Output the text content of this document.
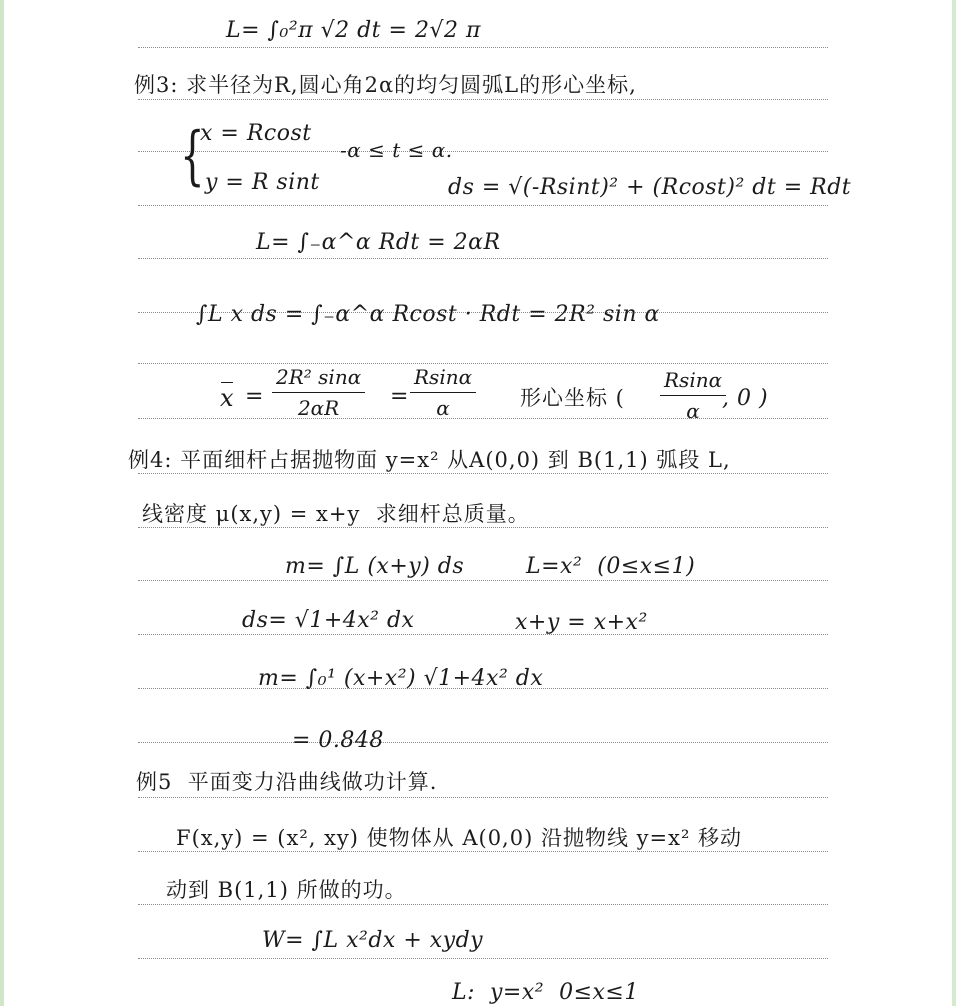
L= ∫₀²ᴨ √2 dt = 2√2 π
例3: 求半径为R,圆心角2α的均匀圆弧L的形心坐标,
{
x = Rcost
-α ≤ t ≤ α.
y = R sint	ds = √(-Rsint)² + (Rcost)² dt = Rdt
L= ∫₋α^α Rdt = 2αR
∫L x ds = ∫₋α^α Rcost · Rdt = 2R² sin α
$x = \frac{\text{2R² sinα}}{2\alpha R} = \frac{Rsin\alpha}{\alpha}$ 形心坐标 ( $\frac{Rsin\alpha}{\alpha}$
, 0 )
例4: 平面细杆占据抛物面 y=x² 从A(0,0) 到 B(1,1) 弧段 L,
线密度 μ(x,y) = x+y  求细杆总质量。
m= ∫L (x+y) ds	L=x²  (0≤x≤1)
ds= √1+4x² dx	x+y = x+x²
m= ∫₀¹ (x+x²) √1+4x² dx
= 0.848
例5  平面变力沿曲线做功计算.
F(x,y) = (x², xy) 使物体从 A(0,0) 沿抛物线 y=x² 移动
动到 B(1,1) 所做的功。
W= ∫L x²dx + xydy
L:  y=x²  0≤x≤1
